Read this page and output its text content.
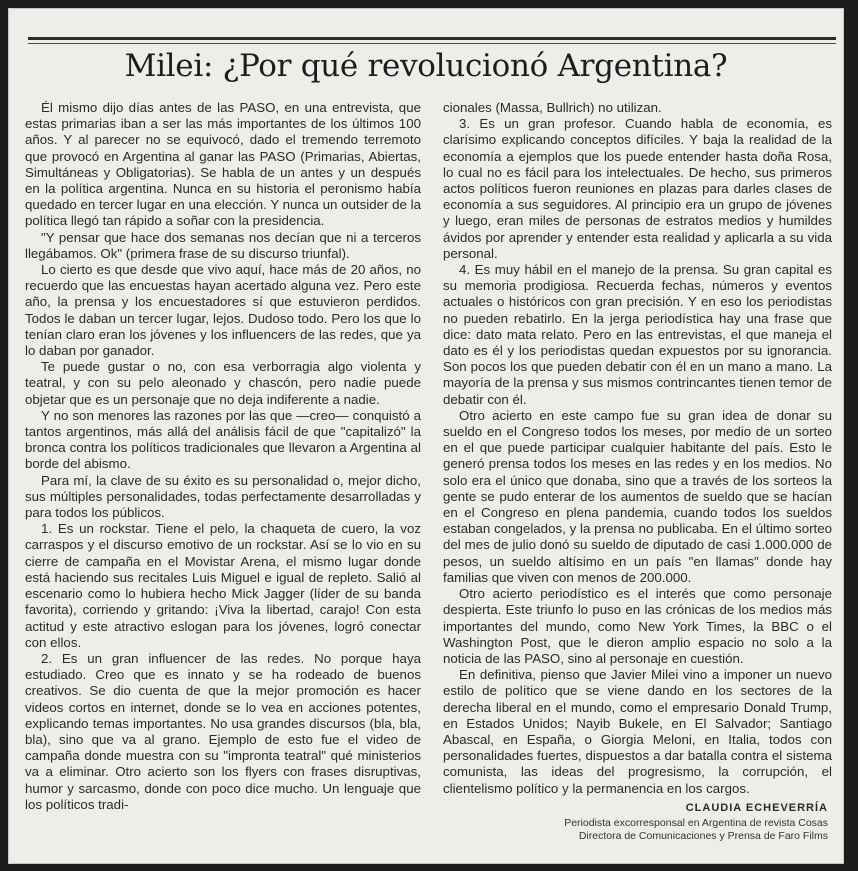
Milei: ¿Por qué revolucionó Argentina?

Él mismo dijo días antes de las PASO, en una entrevista, que estas primarias iban a ser las más importantes de los últimos 100 años. Y al parecer no se equivocó, dado el tremendo terremoto que provocó en Argentina al ganar las PASO (Primarias, Abiertas, Simultáneas y Obligatorias). Se habla de un antes y un después en la política argentina. Nunca en su historia el peronismo había quedado en tercer lugar en una elección. Y nunca un outsider de la política llegó tan rápido a soñar con la presidencia.

"Y pensar que hace dos semanas nos decían que ni a terceros llegábamos. Ok" (primera frase de su discurso triunfal).

Lo cierto es que desde que vivo aquí, hace más de 20 años, no recuerdo que las encuestas hayan acertado alguna vez. Pero este año, la prensa y los encuestadores sí que estuvieron perdidos. Todos le daban un tercer lugar, lejos. Dudoso todo. Pero los que lo tenían claro eran los jóvenes y los influencers de las redes, que ya lo daban por ganador.

Te puede gustar o no, con esa verborragia algo violenta y teatral, y con su pelo aleonado y chascón, pero nadie puede objetar que es un personaje que no deja indiferente a nadie.

Y no son menores las razones por las que —creo— conquistó a tantos argentinos, más allá del análisis fácil de que "capitalizó" la bronca contra los políticos tradicionales que llevaron a Argentina al borde del abismo.

Para mí, la clave de su éxito es su personalidad o, mejor dicho, sus múltiples personalidades, todas perfectamente desarrolladas y para todos los públicos.

1. Es un rockstar. Tiene el pelo, la chaqueta de cuero, la voz carraspos y el discurso emotivo de un rockstar. Así se lo vio en su cierre de campaña en el Movistar Arena, el mismo lugar donde está haciendo sus recitales Luis Miguel e igual de repleto. Salió al escenario como lo hubiera hecho Mick Jagger (líder de su banda favorita), corriendo y gritando: ¡Viva la libertad, carajo! Con esta actitud y este atractivo eslogan para los jóvenes, logró conectar con ellos.

2. Es un gran influencer de las redes. No porque haya estudiado. Creo que es innato y se ha rodeado de buenos creativos. Se dio cuenta de que la mejor promoción es hacer videos cortos en internet, donde se lo vea en acciones potentes, explicando temas importantes. No usa grandes discursos (bla, bla, bla), sino que va al grano. Ejemplo de esto fue el video de campaña donde muestra con su "impronta teatral" qué ministerios va a eliminar. Otro acierto son los flyers con frases disruptivas, humor y sarcasmo, donde con poco dice mucho. Un lenguaje que los políticos tradi-

cionales (Massa, Bullrich) no utilizan.

3. Es un gran profesor. Cuando habla de economía, es clarísimo explicando conceptos difíciles. Y baja la realidad de la economía a ejemplos que los puede entender hasta doña Rosa, lo cual no es fácil para los intelectuales. De hecho, sus primeros actos políticos fueron reuniones en plazas para darles clases de economía a sus seguidores. Al principio era un grupo de jóvenes y luego, eran miles de personas de estratos medios y humildes ávidos por aprender y entender esta realidad y aplicarla a su vida personal.

4. Es muy hábil en el manejo de la prensa. Su gran capital es su memoria prodigiosa. Recuerda fechas, números y eventos actuales o históricos con gran precisión. Y en eso los periodistas no pueden rebatirlo. En la jerga periodística hay una frase que dice: dato mata relato. Pero en las entrevistas, el que maneja el dato es él y los periodistas quedan expuestos por su ignorancia. Son pocos los que pueden debatir con él en un mano a mano. La mayoría de la prensa y sus mismos contrincantes tienen temor de debatir con él.

Otro acierto en este campo fue su gran idea de donar su sueldo en el Congreso todos los meses, por medio de un sorteo en el que puede participar cualquier habitante del país. Esto le generó prensa todos los meses en las redes y en los medios. No solo era el único que donaba, sino que a través de los sorteos la gente se pudo enterar de los aumentos de sueldo que se hacían en el Congreso en plena pandemia, cuando todos los sueldos estaban congelados, y la prensa no publicaba. En el último sorteo del mes de julio donó su sueldo de diputado de casi 1.000.000 de pesos, un sueldo altísimo en un país "en llamas" donde hay familias que viven con menos de 200.000.

Otro acierto periodístico es el interés que como personaje despierta. Este triunfo lo puso en las crónicas de los medios más importantes del mundo, como New York Times, la BBC o el Washington Post, que le dieron amplio espacio no solo a la noticia de las PASO, sino al personaje en cuestión.

En definitiva, pienso que Javier Milei vino a imponer un nuevo estilo de político que se viene dando en los sectores de la derecha liberal en el mundo, como el empresario Donald Trump, en Estados Unidos; Nayib Bukele, en El Salvador; Santiago Abascal, en España, o Giorgia Meloni, en Italia, todos con personalidades fuertes, dispuestos a dar batalla contra el sistema comunista, las ideas del progresismo, la corrupción, el clientelismo político y la permanencia en los cargos.

CLAUDIA ECHEVERRÍA
Periodista excorresponsal en Argentina de revista Cosas
Directora de Comunicaciones y Prensa de Faro Films
